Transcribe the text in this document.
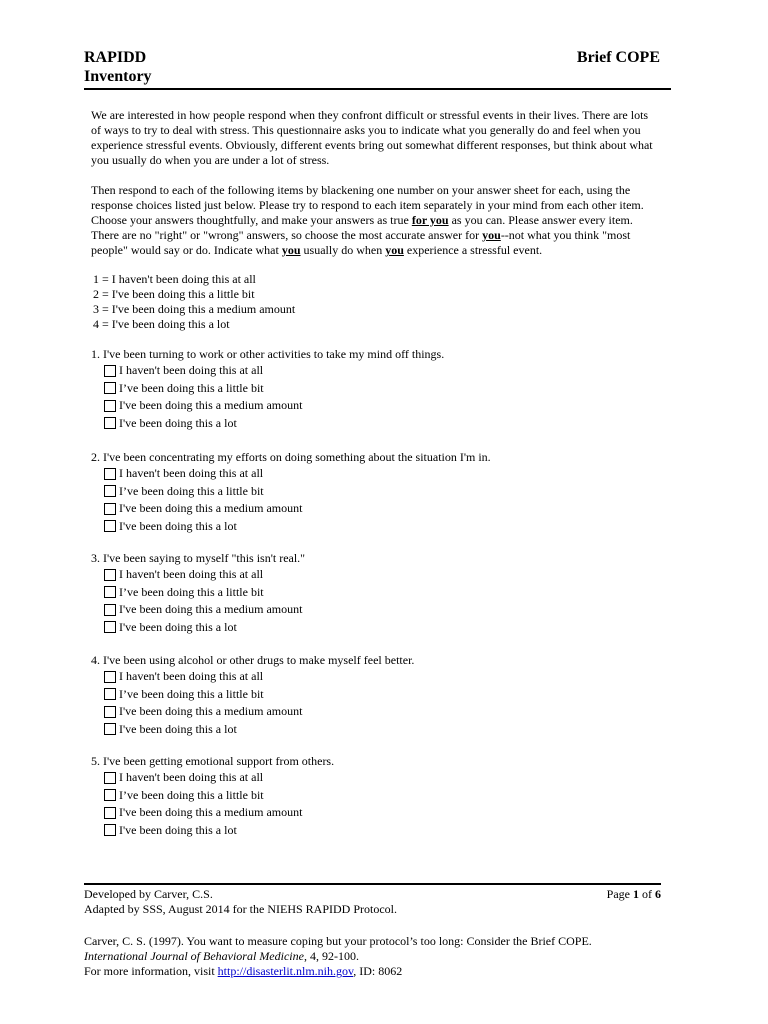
RAPIDD
Inventory
Brief COPE
We are interested in how people respond when they confront difficult or stressful events in their lives. There are lots of ways to try to deal with stress. This questionnaire asks you to indicate what you generally do and feel when you experience stressful events. Obviously, different events bring out somewhat different responses, but think about what you usually do when you are under a lot of stress.
Then respond to each of the following items by blackening one number on your answer sheet for each, using the response choices listed just below. Please try to respond to each item separately in your mind from each other item. Choose your answers thoughtfully, and make your answers as true for you as you can. Please answer every item. There are no "right" or "wrong" answers, so choose the most accurate answer for you--not what you think "most people" would say or do. Indicate what you usually do when you experience a stressful event.
1 = I haven't been doing this at all
2 = I've been doing this a little bit
3 = I've been doing this a medium amount
4 = I've been doing this a lot
1. I've been turning to work or other activities to take my mind off things.
I haven't been doing this at all
I’ve been doing this a little bit
I've been doing this a medium amount
I've been doing this a lot
2. I've been concentrating my efforts on doing something about the situation I'm in.
I haven't been doing this at all
I’ve been doing this a little bit
I've been doing this a medium amount
I've been doing this a lot
3. I've been saying to myself "this isn't real."
I haven't been doing this at all
I’ve been doing this a little bit
I've been doing this a medium amount
I've been doing this a lot
4. I've been using alcohol or other drugs to make myself feel better.
I haven't been doing this at all
I’ve been doing this a little bit
I've been doing this a medium amount
I've been doing this a lot
5. I've been getting emotional support from others.
I haven't been doing this at all
I’ve been doing this a little bit
I've been doing this a medium amount
I've been doing this a lot
Developed by Carver, C.S.	Page 1 of 6
Adapted by SSS, August 2014 for the NIEHS RAPIDD Protocol.
Carver, C. S. (1997). You want to measure coping but your protocol’s too long: Consider the Brief COPE.
International Journal of Behavioral Medicine, 4, 92-100.
For more information, visit http://disasterlit.nlm.nih.gov, ID: 8062
